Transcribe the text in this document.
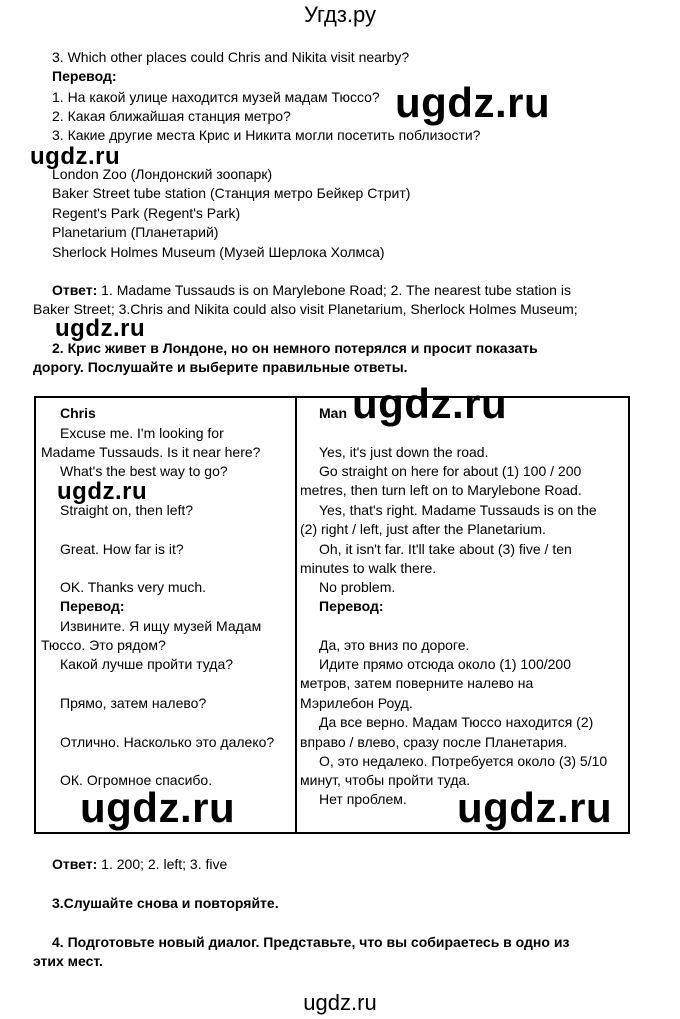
Угдз.ру
3. Which other places could Chris and Nikita visit nearby?
Перевод:
1. На какой улице находится музей мадам Тюссо?
2. Какая ближайшая станция метро?
3. Какие другие места Крис и Никита могли посетить поблизости?
London Zoo (Лондонский зоопарк)
Baker Street tube station (Станция метро Бейкер Стрит)
Regent's Park (Regent's Park)
Planetarium (Планетарий)
Sherlock Holmes Museum (Музей Шерлока Холмса)
Ответ: 1. Madame Tussauds is on Marylebone Road; 2. The nearest tube station is
Baker Street; 3.Chris and Nikita could also visit Planetarium, Sherlock Holmes Museum;
2. Крис живет в Лондоне, но он немного потерялся и просит показать
дорогу. Послушайте и выберите правильные ответы.
Chris
Excuse me. I'm looking for
Madame Tussauds. Is it near here?
What's the best way to go?
Straight on, then left?
Great. How far is it?
OK. Thanks very much.
Перевод:
Извините. Я ищу музей Мадам
Тюссо. Это рядом?
Какой лучше пройти туда?
Прямо, затем налево?
Отлично. Насколько это далеко?
ОК. Огромное спасибо.
Man
Yes, it's just down the road.
Go straight on here for about (1) 100 / 200
metres, then turn left on to Marylebone Road.
Yes, that's right. Madame Tussauds is on the
(2) right / left, just after the Planetarium.
Oh, it isn't far. It'll take about (3) five / ten
minutes to walk there.
No problem.
Перевод:
Да, это вниз по дороге.
Идите прямо отсюда около (1) 100/200
метров, затем поверните налево на
Мэрилебон Роуд.
Да все верно. Мадам Тюссо находится (2)
вправо / влево, сразу после Планетария.
О, это недалеко. Потребуется около (3) 5/10
минут, чтобы пройти туда.
Нет проблем.
Ответ: 1. 200; 2. left; 3. five
3.Слушайте снова и повторяйте.
4. Подготовьте новый диалог. Представьте, что вы собираетесь в одно из
этих мест.
ugdz.ru
ugdz.ru
ugdz.ru
ugdz.ru
ugdz.ru
ugdz.ru	ugdz.ru
ugdz.ru
